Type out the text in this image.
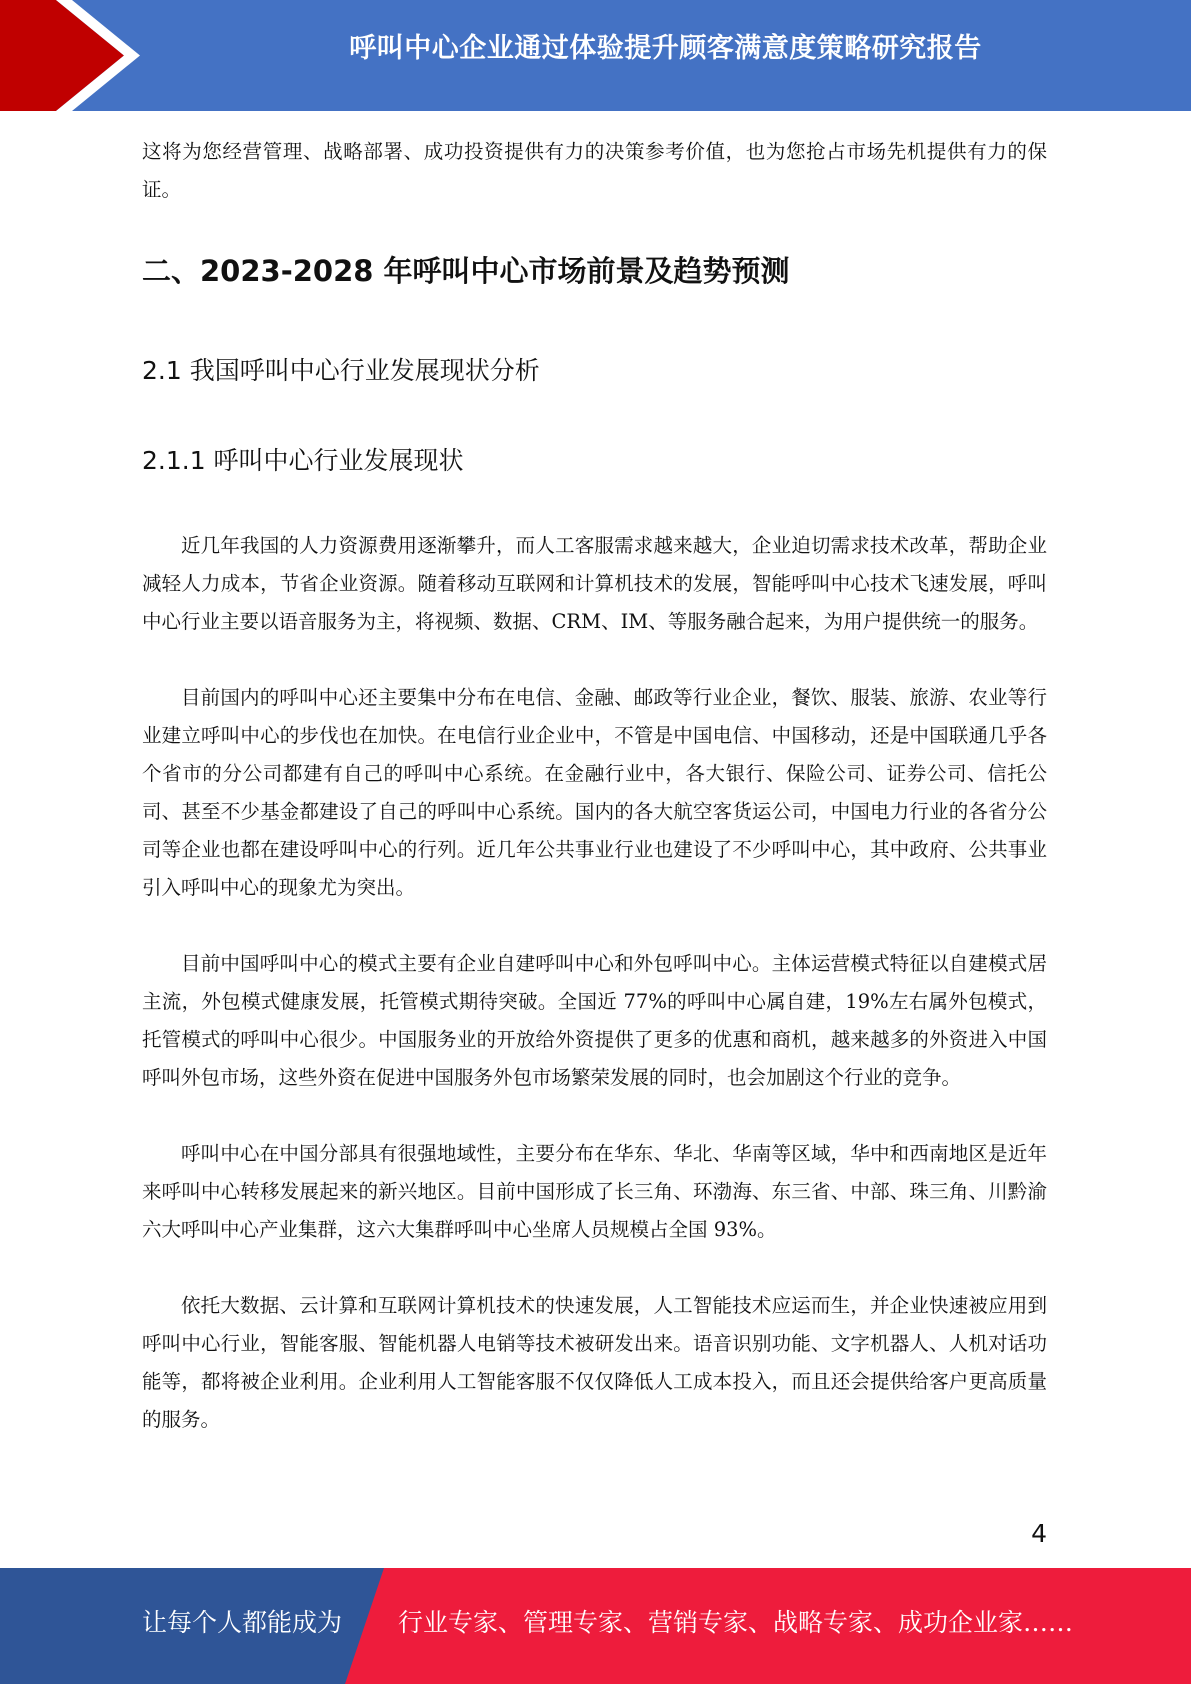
呼叫中心企业通过体验提升顾客满意度策略研究报告

这将为您经营管理、战略部署、成功投资提供有力的决策参考价值，也为您抢占市场先机提供有力的保证。

二、2023-2028 年呼叫中心市场前景及趋势预测
2.1 我国呼叫中心行业发展现状分析
2.1.1 呼叫中心行业发展现状

近几年我国的人力资源费用逐渐攀升，而人工客服需求越来越大，企业迫切需求技术改革，帮助企业减轻人力成本，节省企业资源。随着移动互联网和计算机技术的发展，智能呼叫中心技术飞速发展，呼叫中心行业主要以语音服务为主，将视频、数据、CRM、IM、等服务融合起来，为用户提供统一的服务。

目前国内的呼叫中心还主要集中分布在电信、金融、邮政等行业企业，餐饮、服装、旅游、农业等行业建立呼叫中心的步伐也在加快。在电信行业企业中，不管是中国电信、中国移动，还是中国联通几乎各个省市的分公司都建有自己的呼叫中心系统。在金融行业中，各大银行、保险公司、证券公司、信托公司、甚至不少基金都建设了自己的呼叫中心系统。国内的各大航空客货运公司，中国电力行业的各省分公司等企业也都在建设呼叫中心的行列。近几年公共事业行业也建设了不少呼叫中心，其中政府、公共事业引入呼叫中心的现象尤为突出。

目前中国呼叫中心的模式主要有企业自建呼叫中心和外包呼叫中心。主体运营模式特征以自建模式居主流，外包模式健康发展，托管模式期待突破。全国近 77%的呼叫中心属自建，19%左右属外包模式，托管模式的呼叫中心很少。中国服务业的开放给外资提供了更多的优惠和商机，越来越多的外资进入中国呼叫外包市场，这些外资在促进中国服务外包市场繁荣发展的同时，也会加剧这个行业的竞争。

呼叫中心在中国分部具有很强地域性，主要分布在华东、华北、华南等区域，华中和西南地区是近年来呼叫中心转移发展起来的新兴地区。目前中国形成了长三角、环渤海、东三省、中部、珠三角、川黔渝六大呼叫中心产业集群，这六大集群呼叫中心坐席人员规模占全国 93%。

依托大数据、云计算和互联网计算机技术的快速发展，人工智能技术应运而生，并企业快速被应用到呼叫中心行业，智能客服、智能机器人电销等技术被研发出来。语音识别功能、文字机器人、人机对话功能等，都将被企业利用。企业利用人工智能客服不仅仅降低人工成本投入，而且还会提供给客户更高质量的服务。

4
让每个人都能成为 行业专家、管理专家、营销专家、战略专家、成功企业家……
